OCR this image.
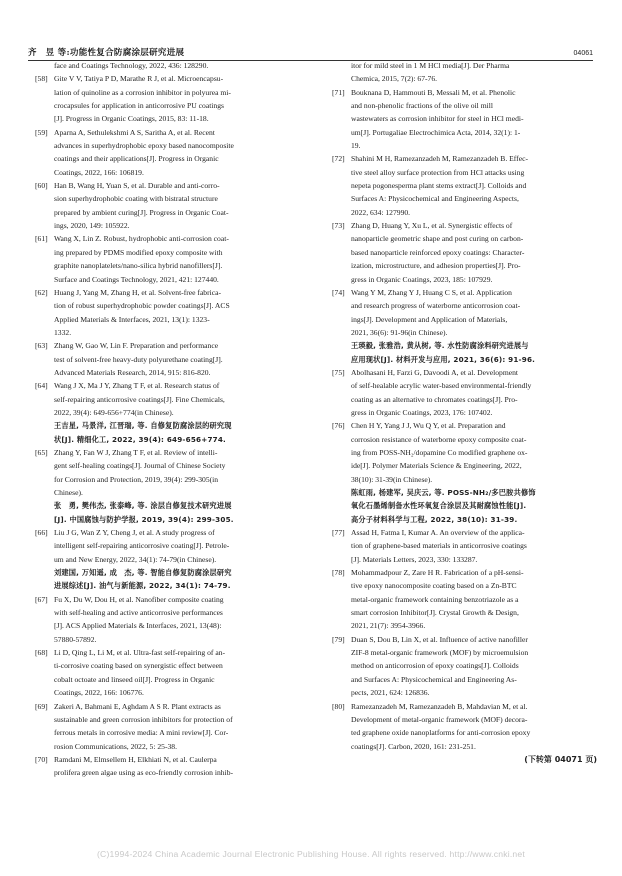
齐　昱 等:功能性复合防腐涂层研究进展	04061
face and Coatings Technology, 2022, 436: 128290.
[58] Gite V V, Tatiya P D, Marathe R J, et al. Microencapsu-
lation of quinoline as a corrosion inhibitor in polyurea mi-
crocapsules for application in anticorrosive PU coatings
[J]. Progress in Organic Coatings, 2015, 83: 11-18.
[59] Aparna A, Sethulekshmi A S, Saritha A, et al. Recent
advances in superhydrophobic epoxy based nanocomposite
coatings and their applications[J]. Progress in Organic
Coatings, 2022, 166: 106819.
[60] Han B, Wang H, Yuan S, et al. Durable and anti-corro-
sion superhydrophobic coating with bistratal structure
prepared by ambient curing[J]. Progress in Organic Coat-
ings, 2020, 149: 105922.
[61] Wang X, Lin Z. Robust, hydrophobic anti-corrosion coat-
ing prepared by PDMS modified epoxy composite with
graphite nanoplatelets/nano-silica hybrid nanofillers[J].
Surface and Coatings Technology, 2021, 421: 127440.
[62] Huang J, Yang M, Zhang H, et al. Solvent-free fabrica-
tion of robust superhydrophobic powder coatings[J]. ACS
Applied Materials & Interfaces, 2021, 13(1): 1323-
1332.
[63] Zhang W, Gao W, Lin F. Preparation and performance
test of solvent-free heavy-duty polyurethane coating[J].
Advanced Materials Research, 2014, 915: 816-820.
[64] Wang J X, Ma J Y, Zhang T F, et al. Research status of
self-repairing anticorrosive coatings[J]. Fine Chemicals,
2022, 39(4): 649-656+774(in Chinese).
王吉星, 马景洋, 江晋瑞, 等. 自修复防腐涂层的研究现
状[J]. 精细化工, 2022, 39(4): 649-656+774.
[65] Zhang Y, Fan W J, Zhang T F, et al. Review of intelli-
gent self-healing coatings[J]. Journal of Chinese Society
for Corrosion and Protection, 2019, 39(4): 299-305(in
Chinese).
张　勇, 樊伟杰, 张泰峰, 等. 涂层自修复技术研究进展
[J]. 中国腐蚀与防护学报, 2019, 39(4): 299-305.
[66] Liu J G, Wan Z Y, Cheng J, et al. A study progress of
intelligent self-repairing anticorrosive coating[J]. Petrole-
um and New Energy, 2022, 34(1): 74-79(in Chinese).
刘建国, 万知遥, 成　杰, 等. 智能自修复防腐涂层研究
进展综述[J]. 油气与新能源, 2022, 34(1): 74-79.
[67] Fu X, Du W, Dou H, et al. Nanofiber composite coating
with self-healing and active anticorrosive performances
[J]. ACS Applied Materials & Interfaces, 2021, 13(48):
57880-57892.
[68] Li D, Qing L, Li M, et al. Ultra-fast self-repairing of an-
ti-corrosive coating based on synergistic effect between
cobalt octoate and linseed oil[J]. Progress in Organic
Coatings, 2022, 166: 106776.
[69] Zakeri A, Bahmani E, Aghdam A S R. Plant extracts as
sustainable and green corrosion inhibitors for protection of
ferrous metals in corrosive media: A mini review[J]. Cor-
rosion Communications, 2022, 5: 25-38.
[70] Ramdani M, Elmsellem H, Elkhiati N, et al. Caulerpa
prolifera green algae using as eco-friendly corrosion inhib-
itor for mild steel in 1 M HCl media[J]. Der Pharma
Chemica, 2015, 7(2): 67-76.
[71] Bouknana D, Hammouti B, Messali M, et al. Phenolic
and non-phenolic fractions of the olive oil mill
wastewaters as corrosion inhibitor for steel in HCl medi-
um[J]. Portugaliae Electrochimica Acta, 2014, 32(1): 1-
19.
[72] Shahini M H, Ramezanzadeh M, Ramezanzadeh B. Effec-
tive steel alloy surface protection from HCl attacks using
nepeta pogonesperma plant stems extract[J]. Colloids and
Surfaces A: Physicochemical and Engineering Aspects,
2022, 634: 127990.
[73] Zhang D, Huang Y, Xu L, et al. Synergistic effects of
nanoparticle geometric shape and post curing on carbon-
based nanoparticle reinforced epoxy coatings: Character-
ization, microstructure, and adhesion properties[J]. Pro-
gress in Organic Coatings, 2023, 185: 107929.
[74] Wang Y M, Zhang Y J, Huang C S, et al. Application
and research progress of waterborne anticorrosion coat-
ings[J]. Development and Application of Materials,
2021, 36(6): 91-96(in Chinese).
王瑛毅, 张雅浩, 黄从树, 等. 水性防腐涂料研究进展与
应用现状[J]. 材料开发与应用, 2021, 36(6): 91-96.
[75] Abolhasani H, Farzi G, Davoodi A, et al. Development
of self-healable acrylic water-based environmental-friendly
coating as an alternative to chromates coatings[J]. Pro-
gress in Organic Coatings, 2023, 176: 107402.
[76] Chen H Y, Yang J J, Wu Q Y, et al. Preparation and
corrosion resistance of waterborne epoxy composite coat-
ing from POSS-NH₂/dopamine Co modified graphene ox-
ide[J]. Polymer Materials Science & Engineering, 2022,
38(10): 31-39(in Chinese).
陈虹雨, 杨建军, 吴庆云, 等. POSS-NH₂/多巴胺共修饰
氧化石墨烯制备水性环氧复合涂层及其耐腐蚀性能[J].
高分子材料科学与工程, 2022, 38(10): 31-39.
[77] Assad H, Fatma I, Kumar A. An overview of the applica-
tion of graphene-based materials in anticorrosive coatings
[J]. Materials Letters, 2023, 330: 133287.
[78] Mohammadpour Z, Zare H R. Fabrication of a pH-sensi-
tive epoxy nanocomposite coating based on a Zn-BTC
metal-organic framework containing benzotriazole as a
smart corrosion Inhibitor[J]. Crystal Growth & Design,
2021, 21(7): 3954-3966.
[79] Duan S, Dou B, Lin X, et al. Influence of active nanofiller
ZIF-8 metal-organic framework (MOF) by microemulsion
method on anticorrosion of epoxy coatings[J]. Colloids
and Surfaces A: Physicochemical and Engineering As-
pects, 2021, 624: 126836.
[80] Ramezanzadeh M, Ramezanzadeh B, Mahdavian M, et al.
Development of metal-organic framework (MOF) decora-
ted graphene oxide nanoplatforms for anti-corrosion epoxy
coatings[J]. Carbon, 2020, 161: 231-251.
(下转第 04071 页)
(C)1994-2024 China Academic Journal Electronic Publishing House. All rights reserved. http://www.cnki.net
